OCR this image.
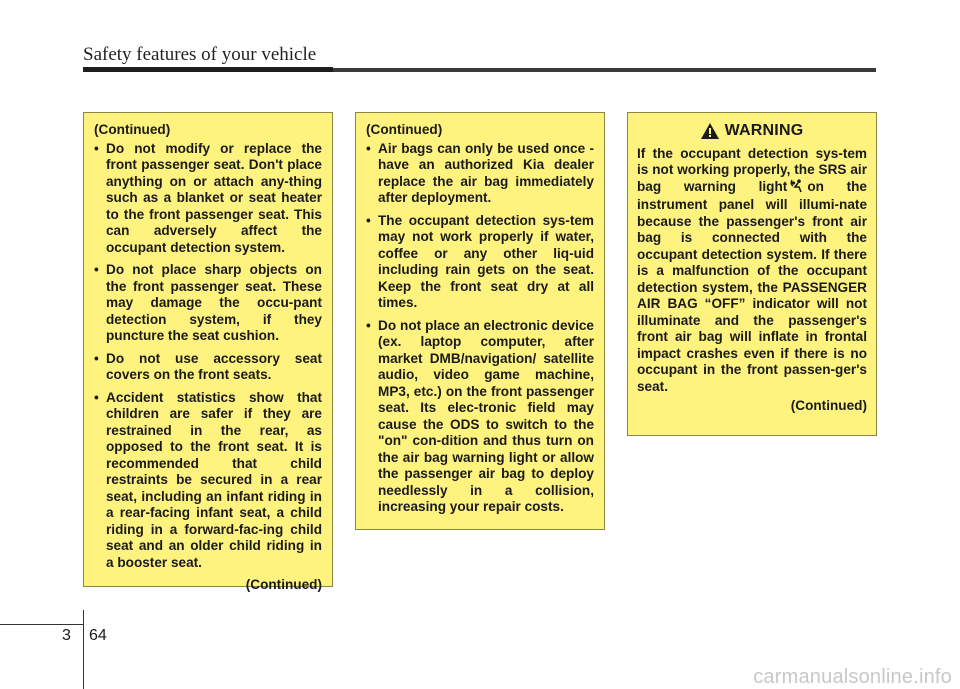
Safety features of your vehicle
(Continued)
• Do not modify or replace the front passenger seat. Don't place anything on or attach any-thing such as a blanket or seat heater to the front passenger seat. This can adversely affect the occupant detection system.
• Do not place sharp objects on the front passenger seat. These may damage the occu-pant detection system, if they puncture the seat cushion.
• Do not use accessory seat covers on the front seats.
• Accident statistics show that children are safer if they are restrained in the rear, as opposed to the front seat. It is recommended that child restraints be secured in a rear seat, including an infant riding in a rear-facing infant seat, a child riding in a forward-fac-ing child seat and an older child riding in a booster seat.
(Continued)
(Continued)
• Air bags can only be used once - have an authorized Kia dealer replace the air bag immediately after deployment.
• The occupant detection sys-tem may not work properly if water, coffee or any other liq-uid including rain gets on the seat. Keep the front seat dry at all times.
• Do not place an electronic device (ex. laptop computer, after market DMB/navigation/ satellite audio, video game machine, MP3, etc.) on the front passenger seat. Its elec-tronic field may cause the ODS to switch to the "on" con-dition and thus turn on the air bag warning light or allow the passenger air bag to deploy needlessly in a collision, increasing your repair costs.
WARNING
If the occupant detection sys-tem is not working properly, the SRS air bag warning light on the instrument panel will illumi-nate because the passenger's front air bag is connected with the occupant detection system. If there is a malfunction of the occupant detection system, the PASSENGER AIR BAG “OFF” indicator will not illuminate and the passenger's front air bag will inflate in frontal impact crashes even if there is no occupant in the front passen-ger's seat.
(Continued)
3 64
carmanualsonline.info
